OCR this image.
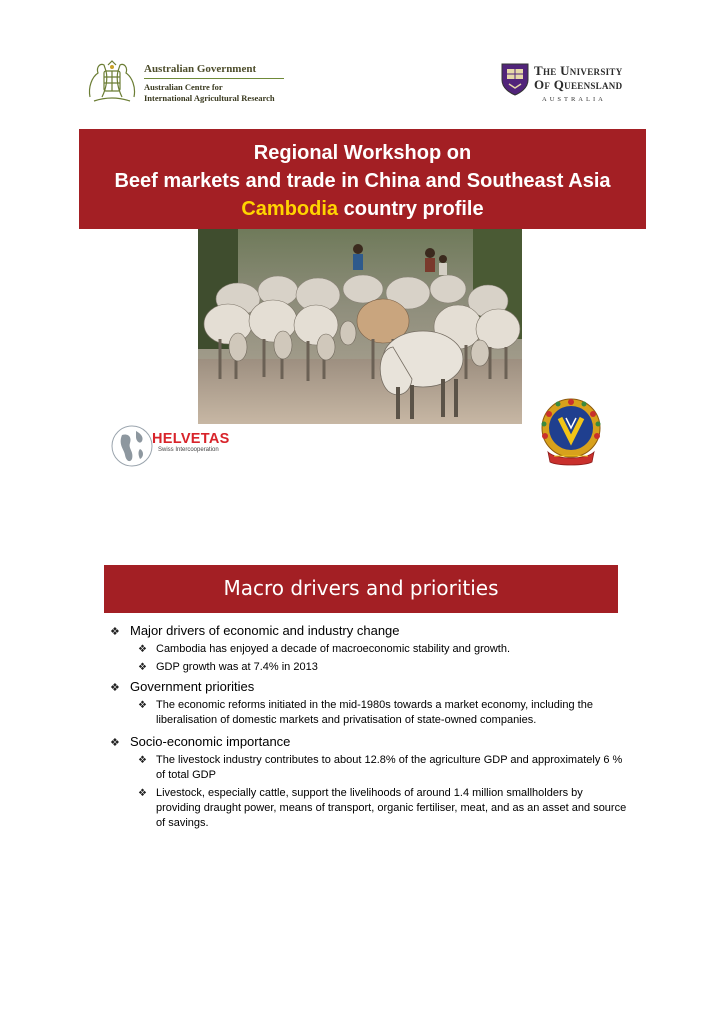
Australian Government
Australian Centre for
International Agricultural Research
The University
Of Queensland
AUSTRALIA
Regional Workshop on
Beef markets and trade in China and Southeast Asia
Cambodia country profile
HELVETAS
Swiss Intercooperation
Macro drivers and priorities
❖ Major drivers of economic and industry change
❖ Cambodia has enjoyed a decade of macroeconomic stability and growth.
❖ GDP growth was at 7.4% in 2013
❖ Government priorities
❖ The economic reforms initiated in the mid-1980s towards a market economy, including the liberalisation of domestic markets and privatisation of state-owned companies.
❖ Socio-economic importance
❖ The livestock industry contributes to about 12.8% of the agriculture GDP and approximately 6 % of total GDP
❖ Livestock, especially cattle, support the livelihoods of around 1.4 million smallholders by providing draught power, means of transport, organic fertiliser, meat, and as an asset and source of savings.
